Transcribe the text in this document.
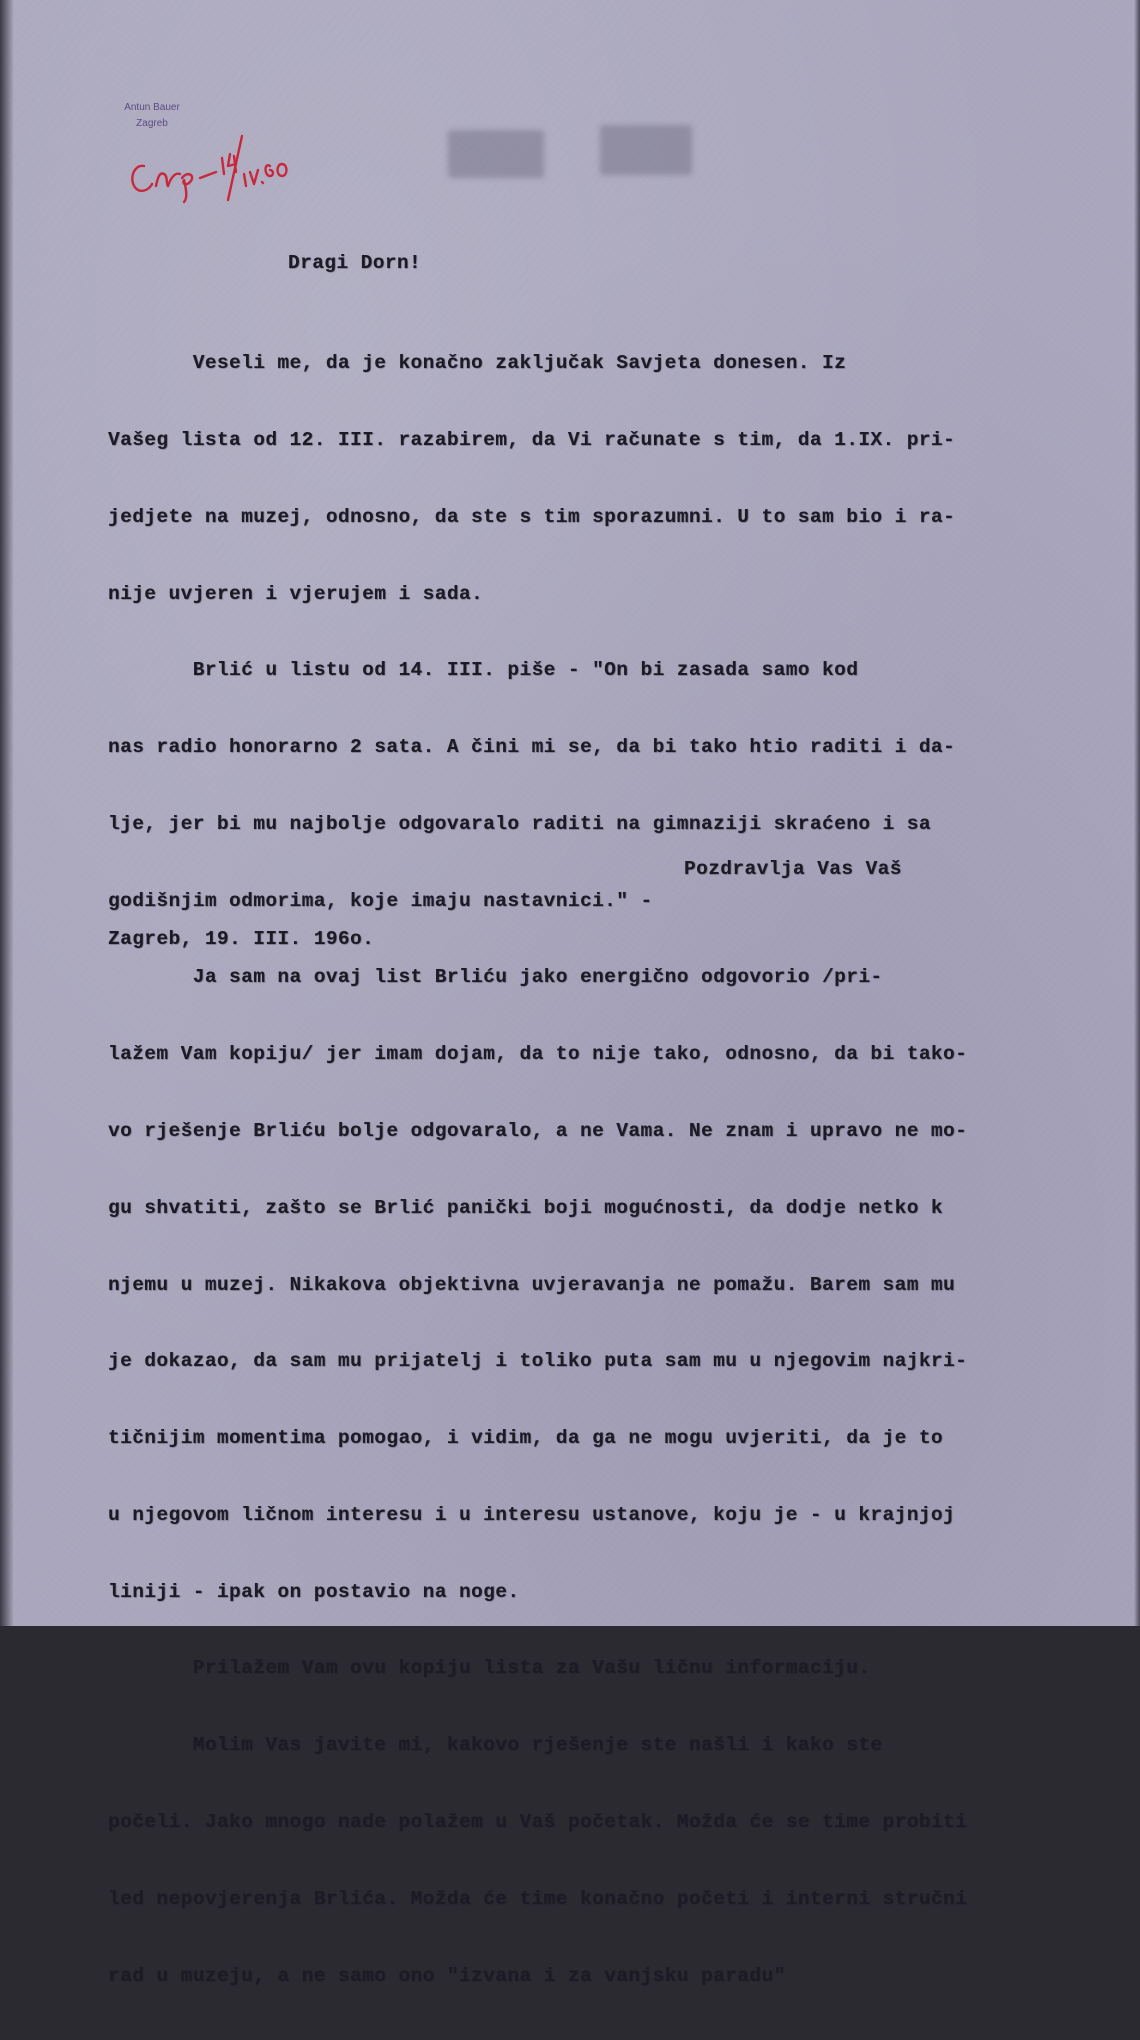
Antun Bauer
Zagreb
Dragi Dorn!

Veseli me, da je konačno zaključak Savjeta donesen. Iz

Vašeg lista od 12. III. razabirem, da Vi računate s tim, da 1.IX. pri-

jedjete na muzej, odnosno, da ste s tim sporazumni. U to sam bio i ra-

nije uvjeren i vjerujem i sada.

Brlić u listu od 14. III. piše - "On bi zasada samo kod

nas radio honorarno 2 sata. A čini mi se, da bi tako htio raditi i da-

lje, jer bi mu najbolje odgovaralo raditi na gimnaziji skraćeno i sa

godišnjim odmorima, koje imaju nastavnici." -

Ja sam na ovaj list Brliću jako energično odgovorio /pri-

lažem Vam kopiju/ jer imam dojam, da to nije tako, odnosno, da bi tako-

vo rješenje Brliću bolje odgovaralo, a ne Vama. Ne znam i upravo ne mo-

gu shvatiti, zašto se Brlić panički boji mogućnosti, da dodje netko k

njemu u muzej. Nikakova objektivna uvjeravanja ne pomažu. Barem sam mu

je dokazao, da sam mu prijatelj i toliko puta sam mu u njegovim najkri-

tičnijim momentima pomogao, i vidim, da ga ne mogu uvjeriti, da je to

u njegovom ličnom interesu i u interesu ustanove, koju je - u krajnjoj

liniji - ipak on postavio na noge.

Prilažem Vam ovu kopiju lista za Vašu ličnu informaciju.

Molim Vas javite mi, kakovo rješenje ste našli i kako ste

počeli. Jako mnogo nade polažem u Vaš početak. Možda će se time probiti

led nepovjerenja Brlića. Možda će time konačno početi i interni stručni

rad u muzeju, a ne samo ono "izvana i za vanjsku paradu"

Pozdravlja Vas Vaš
Zagreb, 19. III. 196o.
